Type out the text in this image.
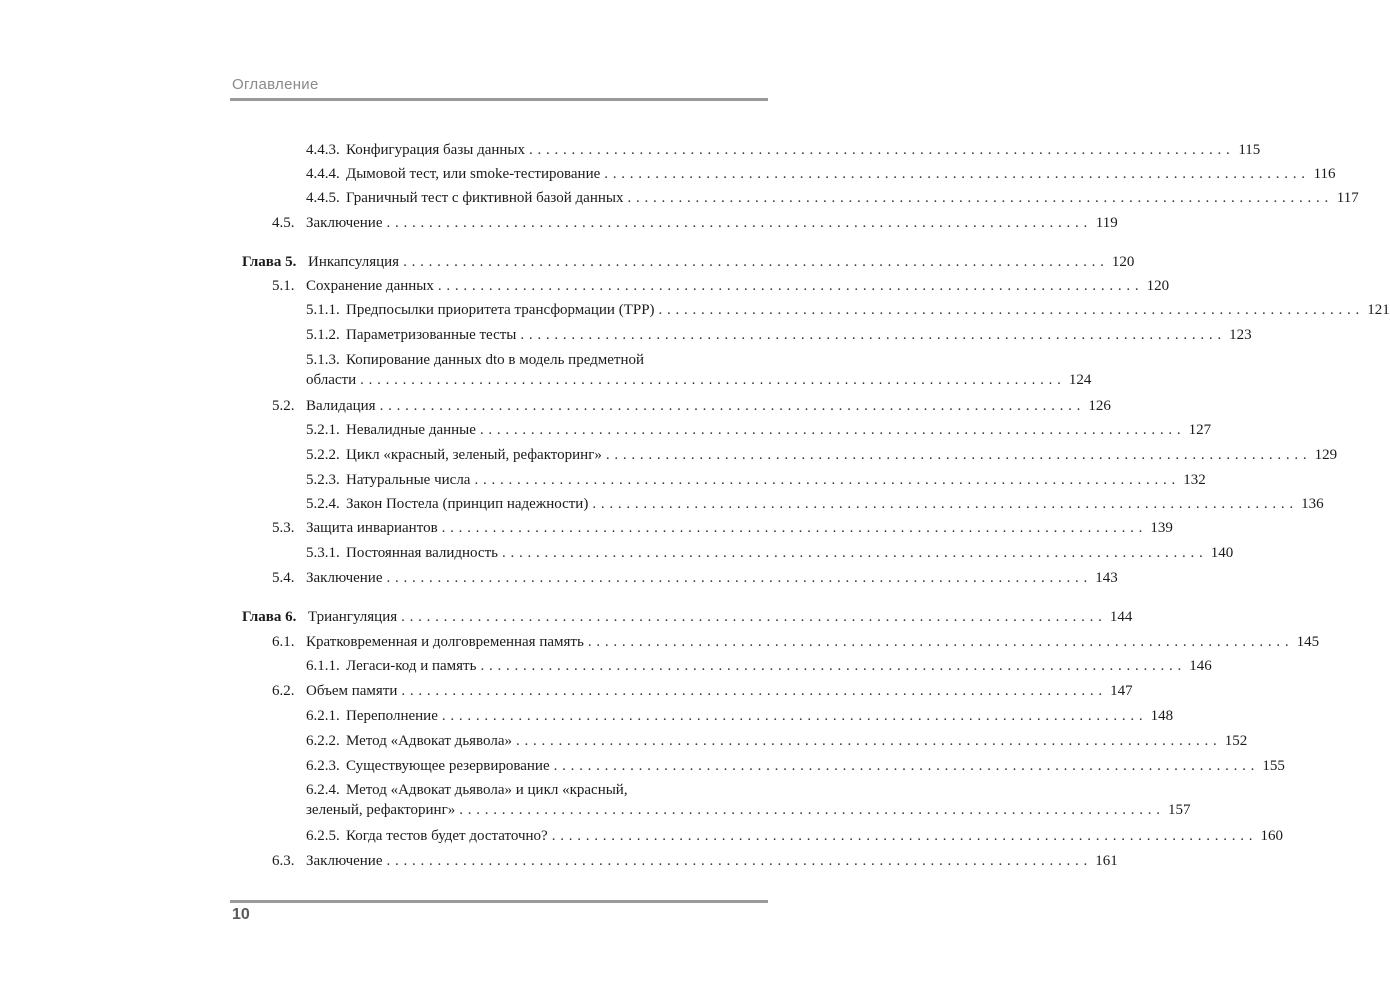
Оглавление
4.4.3. Конфигурация базы данных . . .	115
4.4.4. Дымовой тест, или smoke-тестирование . . .	116
4.4.5. Граничный тест с фиктивной базой данных . . .	117
4.5. Заключение . . .	119
Глава 5. Инкапсуляция . . .	120
5.1. Сохранение данных . . .	120
5.1.1. Предпосылки приоритета трансформации (TPP) . . .	121
5.1.2. Параметризованные тесты . . .	123
5.1.3. Копирование данных dto в модель предметной
области . . .	124
5.2. Валидация . . .	126
5.2.1. Невалидные данные . . .	127
5.2.2. Цикл «красный, зеленый, рефакторинг» . . .	129
5.2.3. Натуральные числа . . .	132
5.2.4. Закон Постела (принцип надежности) . . .	136
5.3. Защита инвариантов . . .	139
5.3.1. Постоянная валидность . . .	140
5.4. Заключение . . .	143
Глава 6. Триангуляция . . .	144
6.1. Кратковременная и долговременная память . . .	145
6.1.1. Легаси-код и память . . .	146
6.2. Объем памяти . . .	147
6.2.1. Переполнение . . .	148
6.2.2. Метод «Адвокат дьявола» . . .	152
6.2.3. Существующее резервирование . . .	155
6.2.4. Метод «Адвокат дьявола» и цикл «красный,
зеленый, рефакторинг» . . .	157
6.2.5. Когда тестов будет достаточно? . . .	160
6.3. Заключение . . .	161
10
